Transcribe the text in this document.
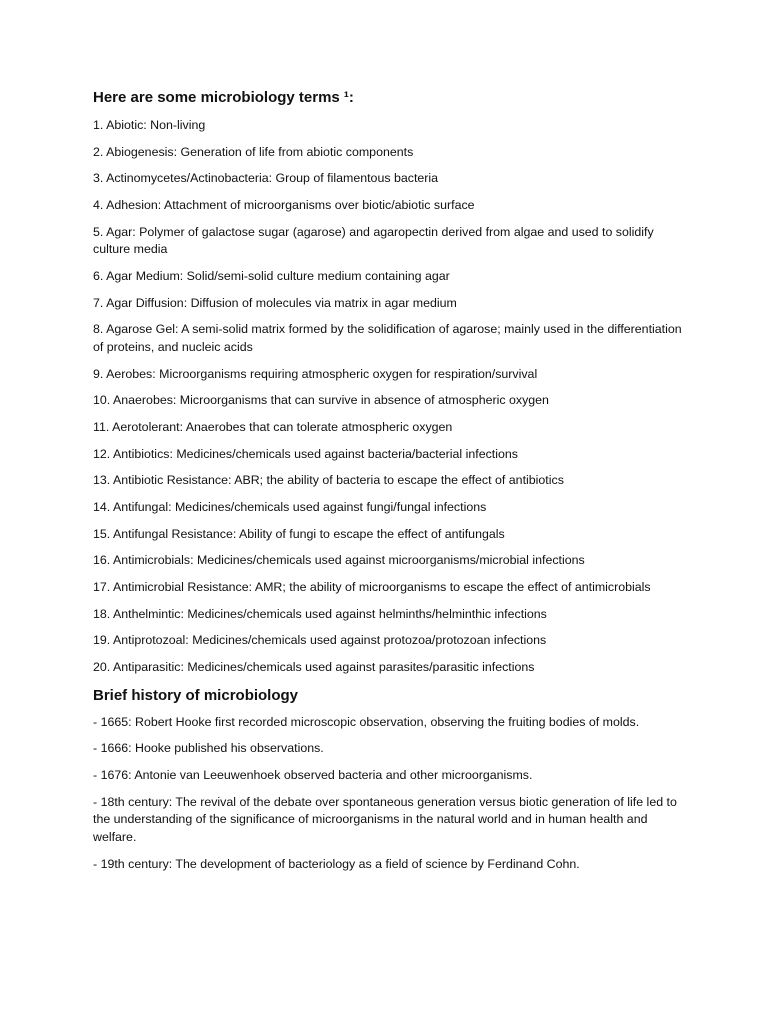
Here are some microbiology terms ¹:

1. Abiotic: Non-living

2. Abiogenesis: Generation of life from abiotic components

3. Actinomycetes/Actinobacteria: Group of filamentous bacteria

4. Adhesion: Attachment of microorganisms over biotic/abiotic surface

5. Agar: Polymer of galactose sugar (agarose) and agaropectin derived from algae and used to solidify culture media

6. Agar Medium: Solid/semi-solid culture medium containing agar

7. Agar Diffusion: Diffusion of molecules via matrix in agar medium

8. Agarose Gel: A semi-solid matrix formed by the solidification of agarose; mainly used in the differentiation of proteins, and nucleic acids

9. Aerobes: Microorganisms requiring atmospheric oxygen for respiration/survival

10. Anaerobes: Microorganisms that can survive in absence of atmospheric oxygen

11. Aerotolerant: Anaerobes that can tolerate atmospheric oxygen

12. Antibiotics: Medicines/chemicals used against bacteria/bacterial infections

13. Antibiotic Resistance: ABR; the ability of bacteria to escape the effect of antibiotics

14. Antifungal: Medicines/chemicals used against fungi/fungal infections

15. Antifungal Resistance: Ability of fungi to escape the effect of antifungals

16. Antimicrobials: Medicines/chemicals used against microorganisms/microbial infections

17. Antimicrobial Resistance: AMR; the ability of microorganisms to escape the effect of antimicrobials

18. Anthelmintic: Medicines/chemicals used against helminths/helminthic infections

19. Antiprotozoal: Medicines/chemicals used against protozoa/protozoan infections

20. Antiparasitic: Medicines/chemicals used against parasites/parasitic infections

Brief history of microbiology

- 1665: Robert Hooke first recorded microscopic observation, observing the fruiting bodies of molds.

- 1666: Hooke published his observations.

- 1676: Antonie van Leeuwenhoek observed bacteria and other microorganisms.

- 18th century: The revival of the debate over spontaneous generation versus biotic generation of life led to the understanding of the significance of microorganisms in the natural world and in human health and welfare.

- 19th century: The development of bacteriology as a field of science by Ferdinand Cohn.
